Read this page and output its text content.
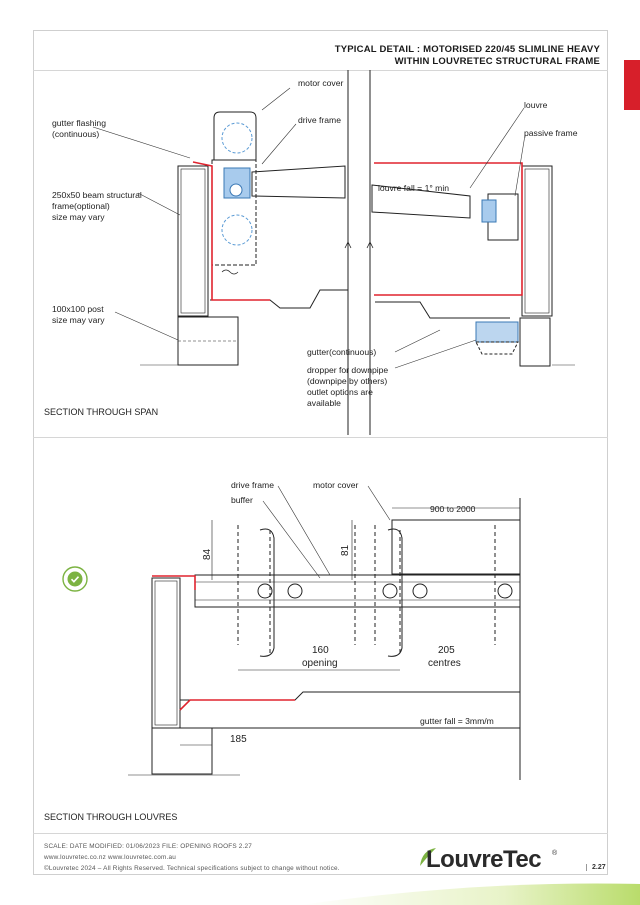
TYPICAL DETAIL : MOTORISED 220/45 SLIMLINE HEAVY
WITHIN LOUVRETEC STRUCTURAL FRAME
SECTION THROUGH SPAN
SECTION THROUGH LOUVRES
motor cover
drive frame
gutter flashing
(continuous)
250x50 beam structural
frame(optional)
size may vary
100x100 post
size may vary
louvre
passive frame
louvre fall = 1° min
gutter(continuous)
dropper for downpipe
(downpipe by others)
outlet options are
available
drive frame
buffer
motor cover
900 to 2000
84	81
160
opening
205
centres
gutter fall = 3mm/m
185
SCALE: DATE MODIFIED: 01/06/2023 FILE: OPENING ROOFS 2.27
www.louvretec.co.nz www.louvretec.com.au
©Louvretec 2024 – All Rights Reserved. Technical specifications subject to change without notice.	LouvreTec ®
2.27
